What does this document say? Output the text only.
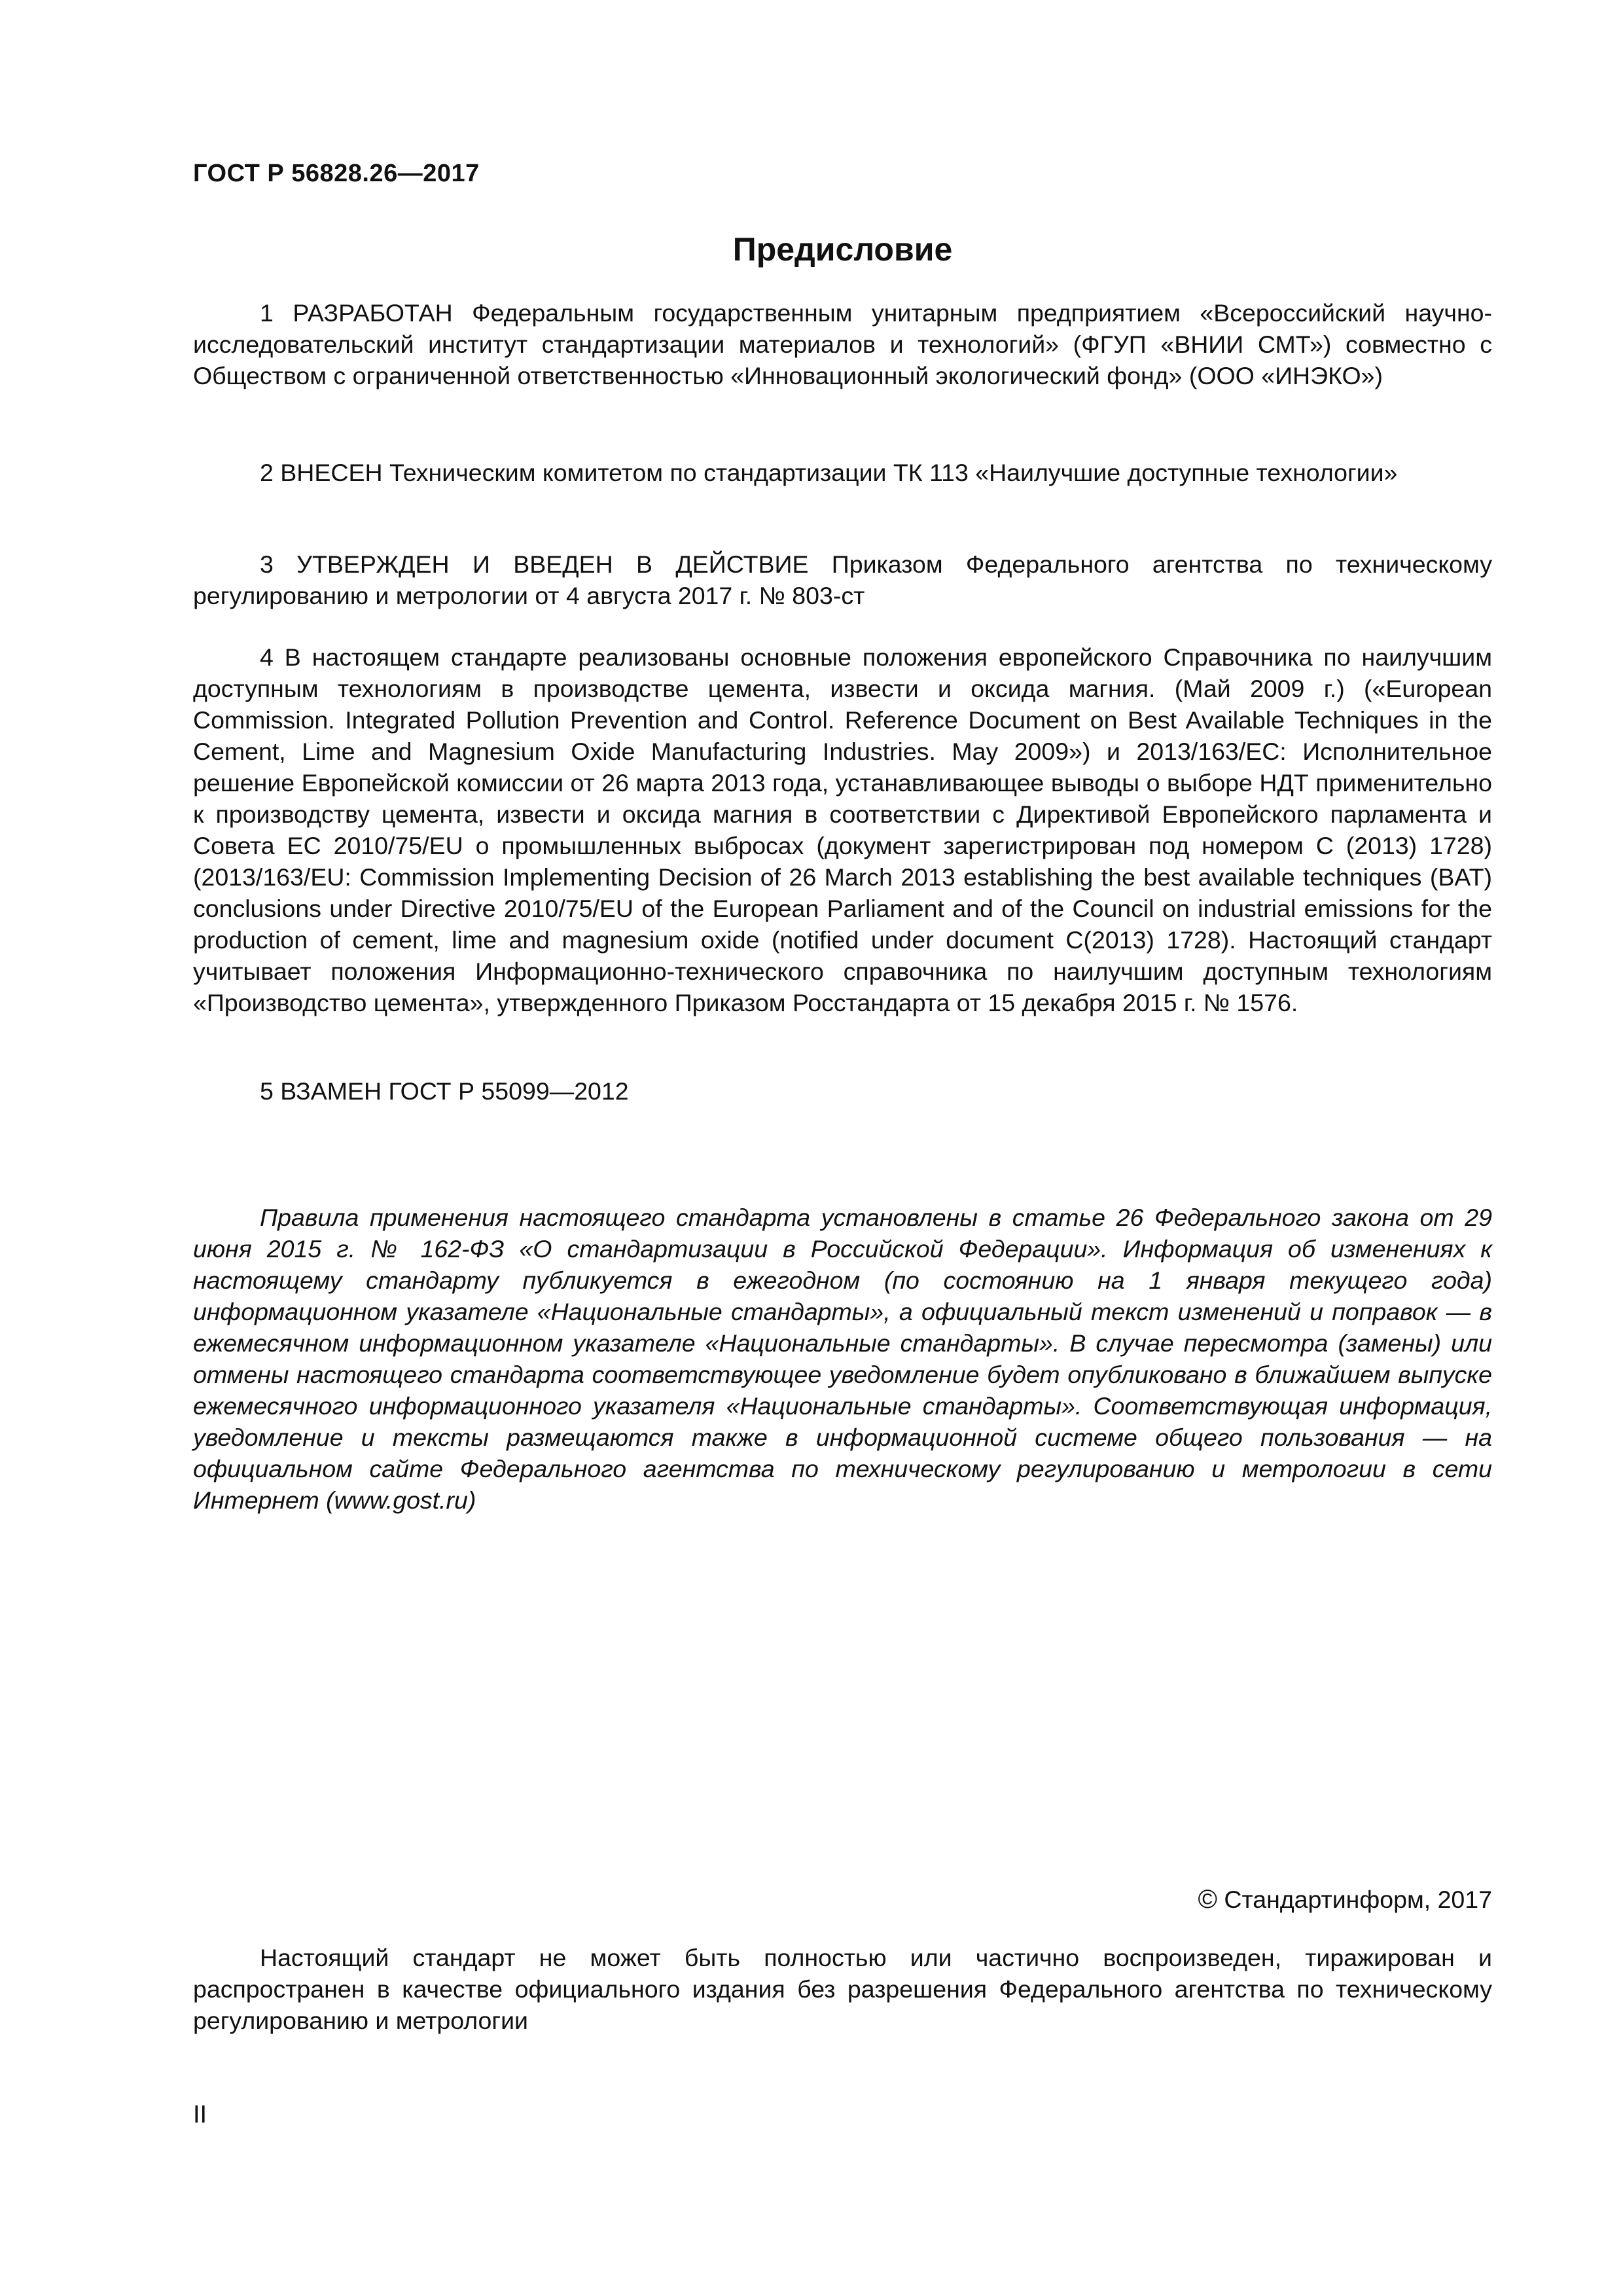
ГОСТ Р 56828.26—2017
Предисловие

1 РАЗРАБОТАН Федеральным государственным унитарным предприятием «Всероссийский научно-исследовательский институт стандартизации материалов и технологий» (ФГУП «ВНИИ СМТ») совместно с Обществом с ограниченной ответственностью «Инновационный экологический фонд» (ООО «ИНЭКО»)

2 ВНЕСЕН Техническим комитетом по стандартизации ТК 113 «Наилучшие доступные технологии»

3 УТВЕРЖДЕН И ВВЕДЕН В ДЕЙСТВИЕ Приказом Федерального агентства по техническому регулированию и метрологии от 4 августа 2017 г. № 803-ст

4 В настоящем стандарте реализованы основные положения европейского Справочника по наилучшим доступным технологиям в производстве цемента, извести и оксида магния. (Май 2009 г.) («European Commission. Integrated Pollution Prevention and Control. Reference Document on Best Available Techniques in the Cement, Lime and Magnesium Oxide Manufacturing Industries. May 2009») и 2013/163/EC: Исполнительное решение Европейской комиссии от 26 марта 2013 года, устанавливающее выводы о выборе НДТ применительно к производству цемента, извести и оксида магния в соответствии с Директивой Европейского парламента и Совета ЕС 2010/75/EU о промышленных выбросах (документ зарегистрирован под номером С (2013) 1728) (2013/163/EU: Commission Implementing Decision of 26 March 2013 establishing the best available techniques (BAT) conclusions under Directive 2010/75/EU of the European Parliament and of the Council on industrial emissions for the production of cement, lime and magnesium oxide (notified under document С(2013) 1728). Настоящий стандарт учитывает положения Информационно-технического справочника по наилучшим доступным технологиям «Производство цемента», утвержденного Приказом Росстандарта от 15 декабря 2015 г. № 1576.

5 ВЗАМЕН ГОСТ Р 55099—2012

Правила применения настоящего стандарта установлены в статье 26 Федерального закона от 29 июня 2015 г. № 162-ФЗ «О стандартизации в Российской Федерации». Информация об изменениях к настоящему стандарту публикуется в ежегодном (по состоянию на 1 января текущего года) информационном указателе «Национальные стандарты», а официальный текст изменений и поправок — в ежемесячном информационном указателе «Национальные стандарты». В случае пересмотра (замены) или отмены настоящего стандарта соответствующее уведомление будет опубликовано в ближайшем выпуске ежемесячного информационного указателя «Национальные стандарты». Соответствующая информация, уведомление и тексты размещаются также в информационной системе общего пользования — на официальном сайте Федерального агентства по техническому регулированию и метрологии в сети Интернет (www.gost.ru)

© Стандартинформ, 2017

Настоящий стандарт не может быть полностью или частично воспроизведен, тиражирован и распространен в качестве официального издания без разрешения Федерального агентства по техническому регулированию и метрологии

II
